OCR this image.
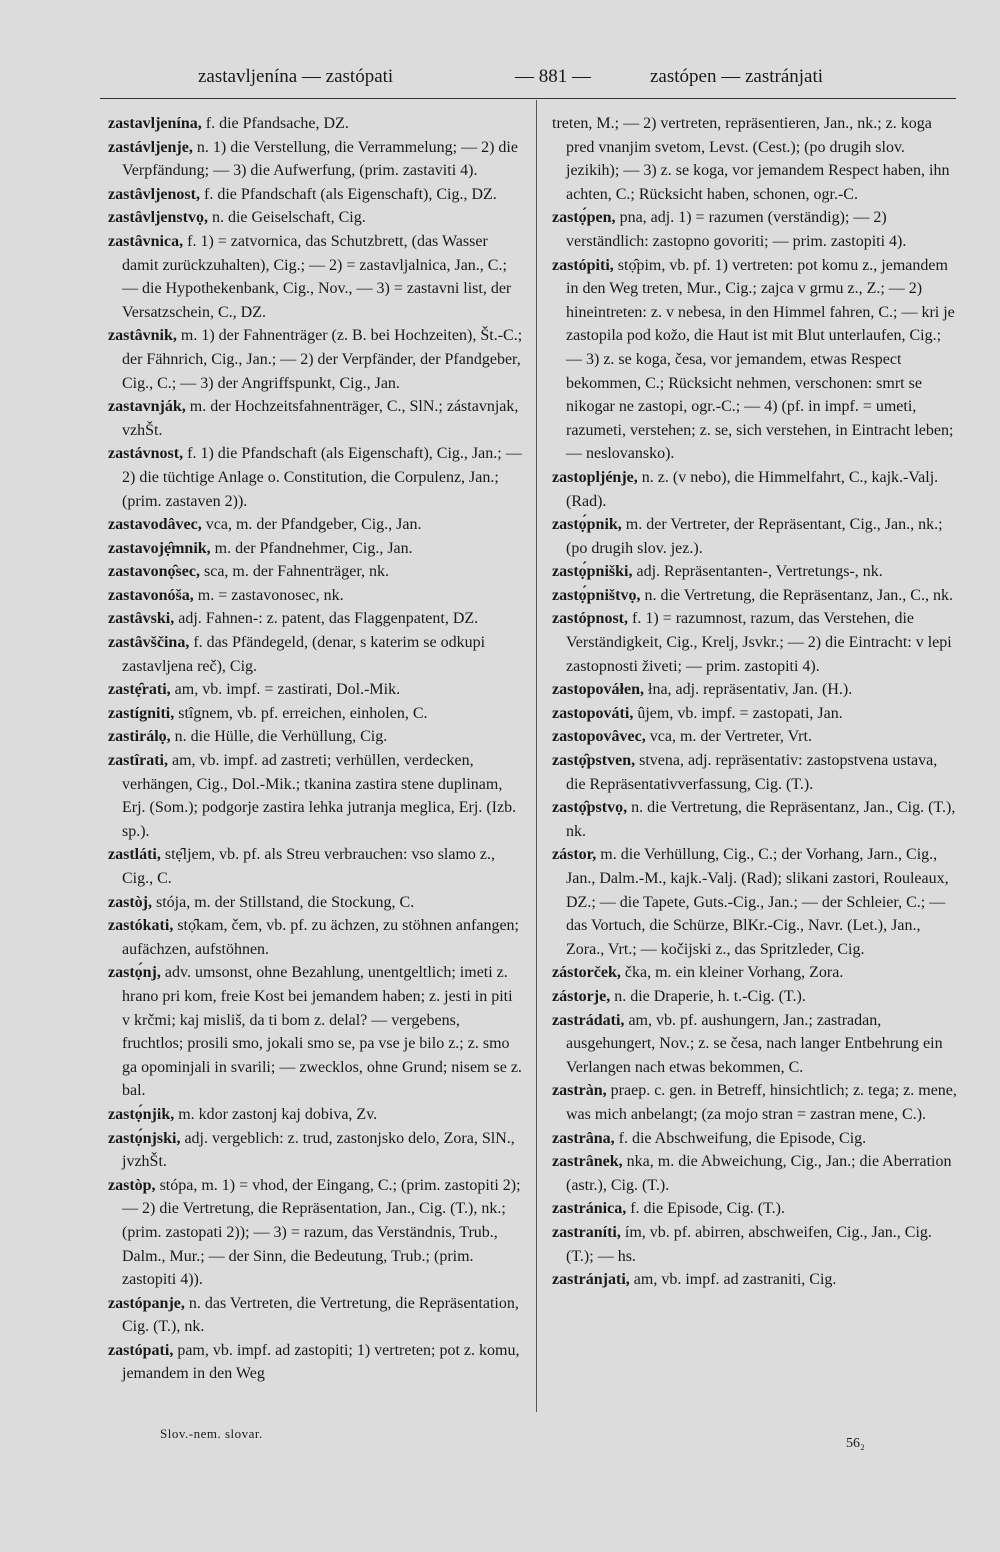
zastavljenína — zastópati	— 881 —	zastópen — zastránjati

zastavljenína, f. die Pfandsache, DZ.

zastávljenje, n. 1) die Verstellung, die Verrammelung; — 2) die Verpfändung; — 3) die Aufwerfung, (prim. zastaviti 4).

zastâvljenost, f. die Pfandschaft (als Eigenschaft), Cig., DZ.

zastâvljenstvọ, n. die Geiselschaft, Cig.

zastâvnica, f. 1) = zatvornica, das Schutzbrett, (das Wasser damit zurückzuhalten), Cig.; — 2) = zastavljalnica, Jan., C.; — die Hypothekenbank, Cig., Nov., — 3) = zastavni list, der Versatzschein, C., DZ.

zastâvnik, m. 1) der Fahnenträger (z. B. bei Hochzeiten), Št.-C.; der Fähnrich, Cig., Jan.; — 2) der Verpfänder, der Pfandgeber, Cig., C.; — 3) der Angriffspunkt, Cig., Jan.

zastavnják, m. der Hochzeitsfahnenträger, C., SlN.; zástavnjak, vzhŠt.

zastávnost, f. 1) die Pfandschaft (als Eigenschaft), Cig., Jan.; — 2) die tüchtige Anlage o. Constitution, die Corpulenz, Jan.; (prim. zastaven 2)).

zastavodâvec, vca, m. der Pfandgeber, Cig., Jan.

zastavojẹ̑mnik, m. der Pfandnehmer, Cig., Jan.

zastavonọ̑sec, sca, m. der Fahnenträger, nk.

zastavonóša, m. = zastavonosec, nk.

zastâvski, adj. Fahnen-: z. patent, das Flaggenpatent, DZ.

zastâvščina, f. das Pfändegeld, (denar, s katerim se odkupi zastavljena reč), Cig.

zastẹ̑rati, am, vb. impf. = zastirati, Dol.-Mik.

zastígniti, stîgnem, vb. pf. erreichen, einholen, C.

zastirálọ, n. die Hülle, die Verhüllung, Cig.

zastîrati, am, vb. impf. ad zastreti; verhüllen, verdecken, verhängen, Cig., Dol.-Mik.; tkanina zastira stene duplinam, Erj. (Som.); podgorje zastira lehka jutranja meglica, Erj. (Izb. sp.).

zastláti, stẹ̑ljem, vb. pf. als Streu verbrauchen: vso slamo z., Cig., C.

zastòj, stója, m. der Stillstand, die Stockung, C.

zastókati, stọ̑kam, čem, vb. pf. zu ächzen, zu stöhnen anfangen; aufächzen, aufstöhnen.

zastọ́nj, adv. umsonst, ohne Bezahlung, unentgeltlich; imeti z. hrano pri kom, freie Kost bei jemandem haben; z. jesti in piti v krčmi; kaj misliš, da ti bom z. delal? — vergebens, fruchtlos; prosili smo, jokali smo se, pa vse je bilo z.; z. smo ga opominjali in svarili; — zwecklos, ohne Grund; nisem se z. bal.

zastọ́njik, m. kdor zastonj kaj dobiva, Zv.

zastọ́njski, adj. vergeblich: z. trud, zastonjsko delo, Zora, SlN., jvzhŠt.

zastòp, stópa, m. 1) = vhod, der Eingang, C.; (prim. zastopiti 2); — 2) die Vertretung, die Repräsentation, Jan., Cig. (T.), nk.; (prim. zastopati 2)); — 3) = razum, das Verständnis, Trub., Dalm., Mur.; — der Sinn, die Bedeutung, Trub.; (prim. zastopiti 4)).

zastópanje, n. das Vertreten, die Vertretung, die Repräsentation, Cig. (T.), nk.

zastópati, pam, vb. impf. ad zastopiti; 1) vertreten; pot z. komu, jemandem in den Weg

treten, M.; — 2) vertreten, repräsentieren, Jan., nk.; z. koga pred vnanjim svetom, Levst. (Cest.); (po drugih slov. jezikih); — 3) z. se koga, vor jemandem Respect haben, ihn achten, C.; Rücksicht haben, schonen, ogr.-C.

zastọ́pen, pna, adj. 1) = razumen (verständig); — 2) verständlich: zastopno govoriti; — prim. zastopiti 4).

zastópiti, stọ̑pim, vb. pf. 1) vertreten: pot komu z., jemandem in den Weg treten, Mur., Cig.; zajca v grmu z., Z.; — 2) hineintreten: z. v nebesa, in den Himmel fahren, C.; — kri je zastopila pod kožo, die Haut ist mit Blut unterlaufen, Cig.; — 3) z. se koga, česa, vor jemandem, etwas Respect bekommen, C.; Rücksicht nehmen, verschonen: smrt se nikogar ne zastopi, ogr.-C.; — 4) (pf. in impf. = umeti, razumeti, verstehen; z. se, sich verstehen, in Eintracht leben; — neslovansko).

zastopljénje, n. z. (v nebo), die Himmelfahrt, C., kajk.-Valj. (Rad).

zastọ́pnik, m. der Vertreter, der Repräsentant, Cig., Jan., nk.; (po drugih slov. jez.).

zastọ́pniški, adj. Repräsentanten-, Vertretungs-, nk.

zastọ́pništvọ, n. die Vertretung, die Repräsentanz, Jan., C., nk.

zastópnost, f. 1) = razumnost, razum, das Verstehen, die Verständigkeit, Cig., Krelj, Jsvkr.; — 2) die Eintracht: v lepi zastopnosti živeti; — prim. zastopiti 4).

zastopováłen, łna, adj. repräsentativ, Jan. (H.).

zastopováti, ûjem, vb. impf. = zastopati, Jan.

zastopovâvec, vca, m. der Vertreter, Vrt.

zastọ̑pstven, stvena, adj. repräsentativ: zastopstvena ustava, die Repräsentativverfassung, Cig. (T.).

zastọ̑pstvọ, n. die Vertretung, die Repräsentanz, Jan., Cig. (T.), nk.

zástor, m. die Verhüllung, Cig., C.; der Vorhang, Jarn., Cig., Jan., Dalm.-M., kajk.-Valj. (Rad); slikani zastori, Rouleaux, DZ.; — die Tapete, Guts.-Cig., Jan.; — der Schleier, C.; — das Vortuch, die Schürze, BlKr.-Cig., Navr. (Let.), Jan., Zora., Vrt.; — kočijski z., das Spritzleder, Cig.

zástorček, čka, m. ein kleiner Vorhang, Zora.

zástorje, n. die Draperie, h. t.-Cig. (T.).

zastrádati, am, vb. pf. aushungern, Jan.; zastradan, ausgehungert, Nov.; z. se česa, nach langer Entbehrung ein Verlangen nach etwas bekommen, C.

zastràn, praep. c. gen. in Betreff, hinsichtlich; z. tega; z. mene, was mich anbelangt; (za mojo stran = zastran mene, C.).

zastrâna, f. die Abschweifung, die Episode, Cig.

zastrânek, nka, m. die Abweichung, Cig., Jan.; die Aberration (astr.), Cig. (T.).

zastránica, f. die Episode, Cig. (T.).

zastraníti, ím, vb. pf. abirren, abschweifen, Cig., Jan., Cig. (T.); — hs.

zastránjati, am, vb. impf. ad zastraniti, Cig.

Slov.-nem. slovar.
56₂
